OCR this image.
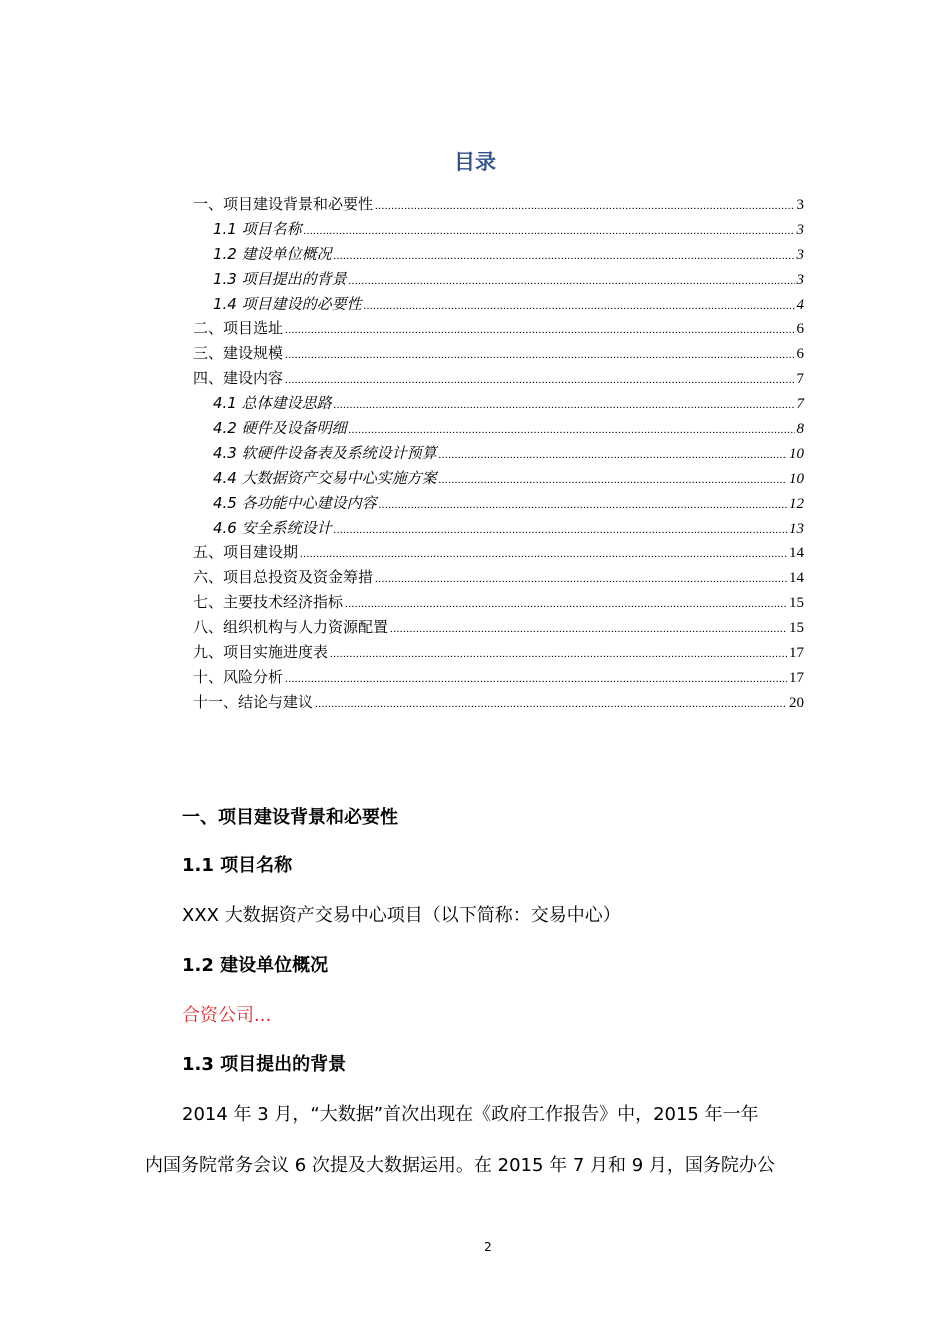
目录
一、项目建设背景和必要性 .....	3
1.1 项目名称 .....	3
1.2 建设单位概况 .....	3
1.3 项目提出的背景 .....	3
1.4 项目建设的必要性 .....	4
二、项目选址 .....	6
三、建设规模 .....	6
四、建设内容 .....	7
4.1 总体建设思路 .....	7
4.2 硬件及设备明细 .....	8
4.3 软硬件设备表及系统设计预算 .....	10
4.4 大数据资产交易中心实施方案 .....	10
4.5 各功能中心建设内容 .....	12
4.6 安全系统设计 .....	13
五、项目建设期 .....	14
六、项目总投资及资金筹措 .....	14
七、主要技术经济指标 .....	15
八、组织机构与人力资源配置 .....	15
九、项目实施进度表 .....	17
十、风险分析 .....	17
十一、结论与建议 .....	20
一、项目建设背景和必要性
1.1 项目名称
XXX 大数据资产交易中心项目（以下简称：交易中心）
1.2 建设单位概况
合资公司...
1.3 项目提出的背景
2014 年 3 月，“大数据”首次出现在《政府工作报告》中，2015 年一年
内国务院常务会议 6 次提及大数据运用。在 2015 年 7 月和 9 月，国务院办公
2
